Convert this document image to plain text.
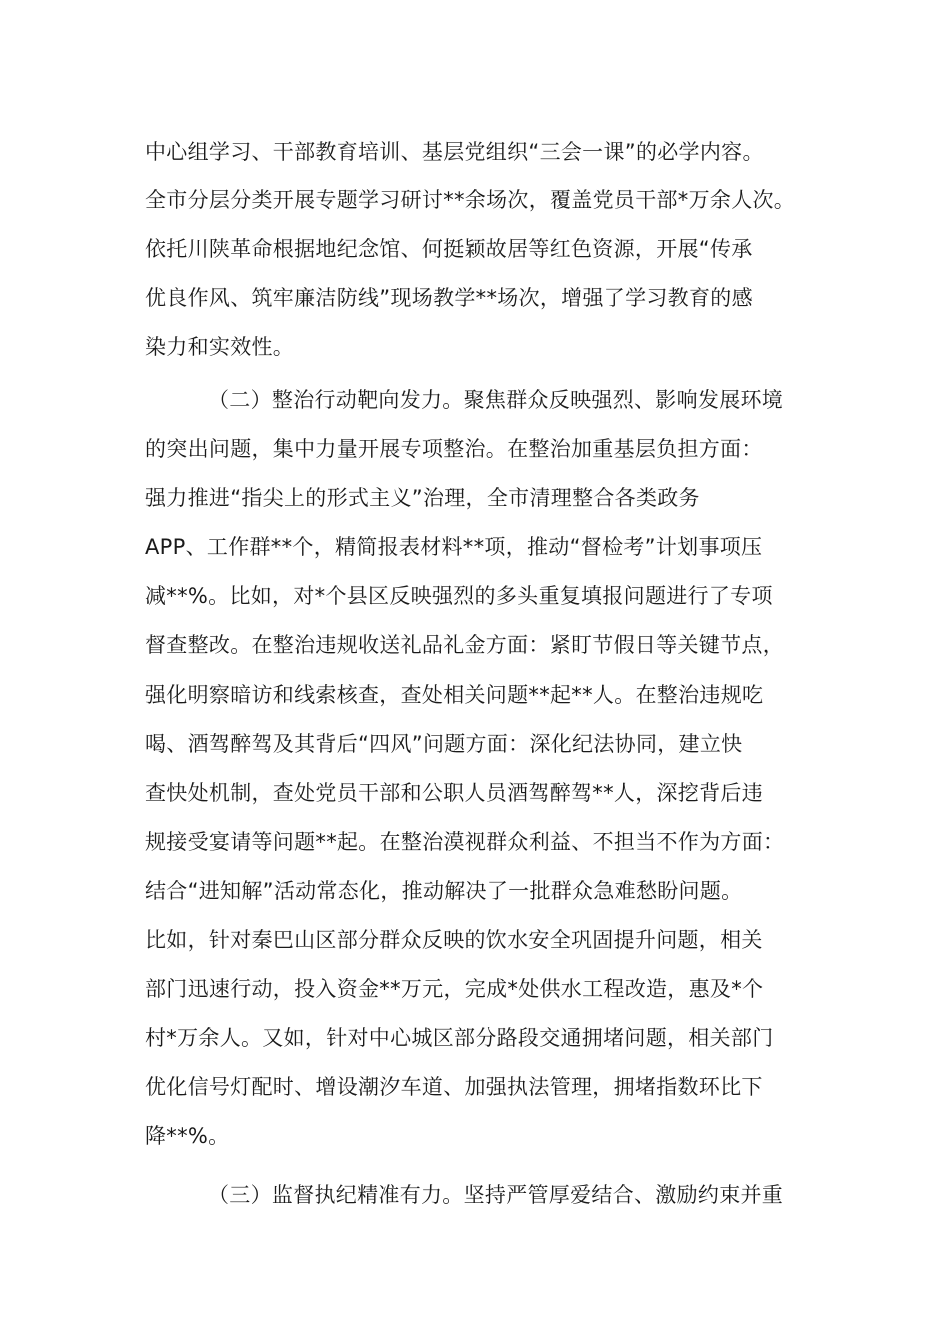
中心组学习、干部教育培训、基层党组织“三会一课”的必学内容。
全市分层分类开展专题学习研讨**余场次，覆盖党员干部*万余人次。
依托川陕革命根据地纪念馆、何挺颖故居等红色资源，开展“传承
优良作风、筑牢廉洁防线”现场教学**场次，增强了学习教育的感
染力和实效性。
（二）整治行动靶向发力。聚焦群众反映强烈、影响发展环境
的突出问题，集中力量开展专项整治。在整治加重基层负担方面：
强力推进“指尖上的形式主义”治理，全市清理整合各类政务
APP、工作群**个，精简报表材料**项，推动“督检考”计划事项压
减**%。比如，对*个县区反映强烈的多头重复填报问题进行了专项
督查整改。在整治违规收送礼品礼金方面：紧盯节假日等关键节点，
强化明察暗访和线索核查，查处相关问题**起**人。在整治违规吃
喝、酒驾醉驾及其背后“四风”问题方面：深化纪法协同，建立快
查快处机制，查处党员干部和公职人员酒驾醉驾**人，深挖背后违
规接受宴请等问题**起。在整治漠视群众利益、不担当不作为方面：
结合“进知解”活动常态化，推动解决了一批群众急难愁盼问题。
比如，针对秦巴山区部分群众反映的饮水安全巩固提升问题，相关
部门迅速行动，投入资金**万元，完成*处供水工程改造，惠及*个
村*万余人。又如，针对中心城区部分路段交通拥堵问题，相关部门
优化信号灯配时、增设潮汐车道、加强执法管理，拥堵指数环比下
降**%。
（三）监督执纪精准有力。坚持严管厚爱结合、激励约束并重
